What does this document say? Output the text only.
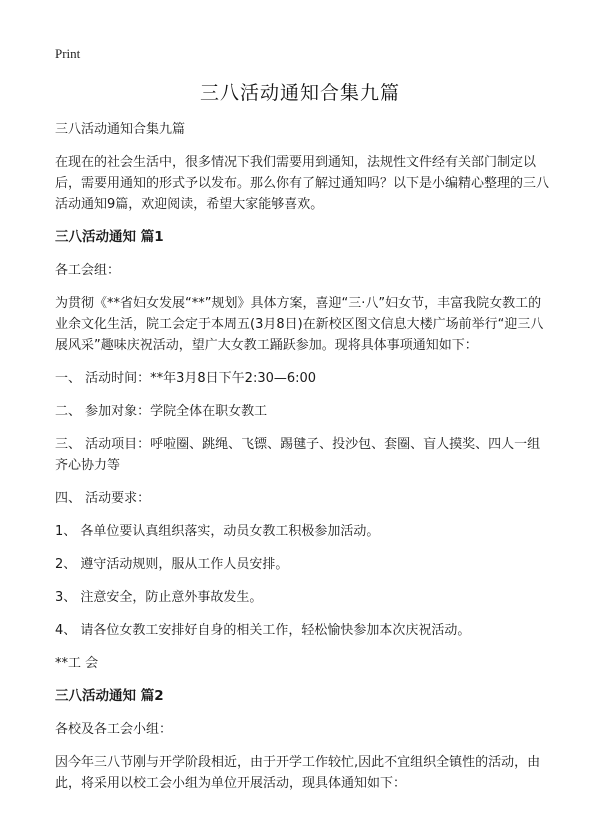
Print
三八活动通知合集九篇

三八活动通知合集九篇

在现在的社会生活中，很多情况下我们需要用到通知，法规性文件经有关部门制定以后，需要用通知的形式予以发布。那么你有了解过通知吗？以下是小编精心整理的三八活动通知9篇，欢迎阅读，希望大家能够喜欢。

三八活动通知 篇1

各工会组：

为贯彻《**省妇女发展“**”规划》具体方案，喜迎“三·八”妇女节，丰富我院女教工的业余文化生活，院工会定于本周五(3月8日)在新校区图文信息大楼广场前举行“迎三八 展风采”趣味庆祝活动，望广大女教工踊跃参加。现将具体事项通知如下：

一、 活动时间：**年3月8日下午2:30—6:00

二、 参加对象：学院全体在职女教工

三、 活动项目：呼啦圈、跳绳、飞镖、踢毽子、投沙包、套圈、盲人摸奖、四人一组齐心协力等

四、 活动要求：

1、 各单位要认真组织落实，动员女教工积极参加活动。

2、 遵守活动规则，服从工作人员安排。

3、 注意安全，防止意外事故发生。

4、 请各位女教工安排好自身的相关工作，轻松愉快参加本次庆祝活动。

**工 会

三八活动通知 篇2

各校及各工会小组：

因今年三八节刚与开学阶段相近，由于开学工作较忙,因此不宜组织全镇性的活动，由此，将采用以校工会小组为单位开展活动，现具体通知如下：
